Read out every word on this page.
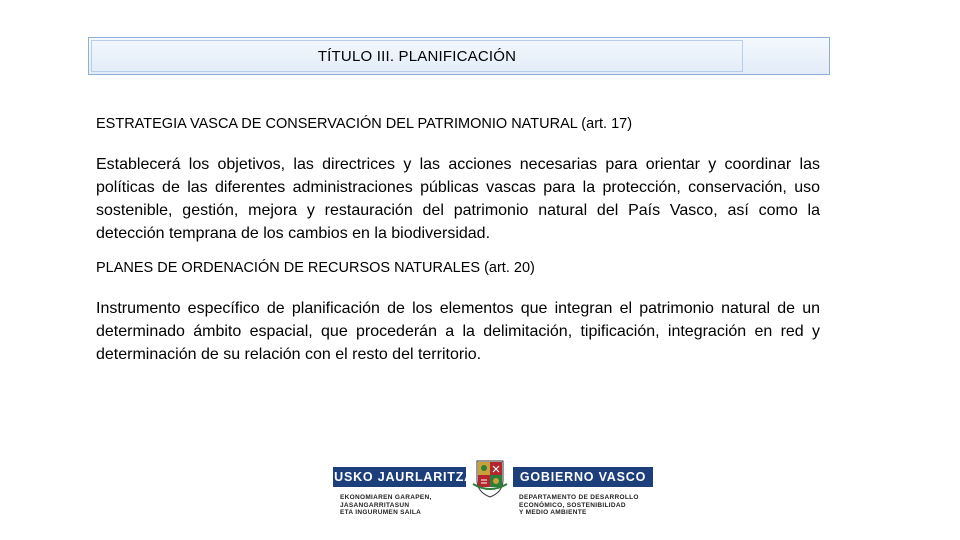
TÍTULO III. PLANIFICACIÓN
ESTRATEGIA VASCA DE CONSERVACIÓN DEL PATRIMONIO NATURAL (art. 17)
Establecerá los objetivos, las directrices y las acciones necesarias para orientar y coordinar las políticas de las diferentes administraciones públicas vascas para la protección, conservación, uso sostenible, gestión, mejora y restauración del patrimonio natural del País Vasco, así como la detección temprana de los cambios en la biodiversidad.
PLANES DE ORDENACIÓN DE RECURSOS NATURALES (art. 20)
Instrumento específico de planificación de los elementos que integran el patrimonio natural de un determinado ámbito espacial, que procederán a la delimitación, tipificación, integración en red y determinación de su relación con el resto del territorio.
EUSKO JAURLARITZA	GOBIERNO VASCO
EKONOMIAREN GARAPEN,
JASANGARRITASUN
ETA INGURUMEN SAILA
DEPARTAMENTO DE DESARROLLO
ECONÓMICO, SOSTENIBILIDAD
Y MEDIO AMBIENTE
